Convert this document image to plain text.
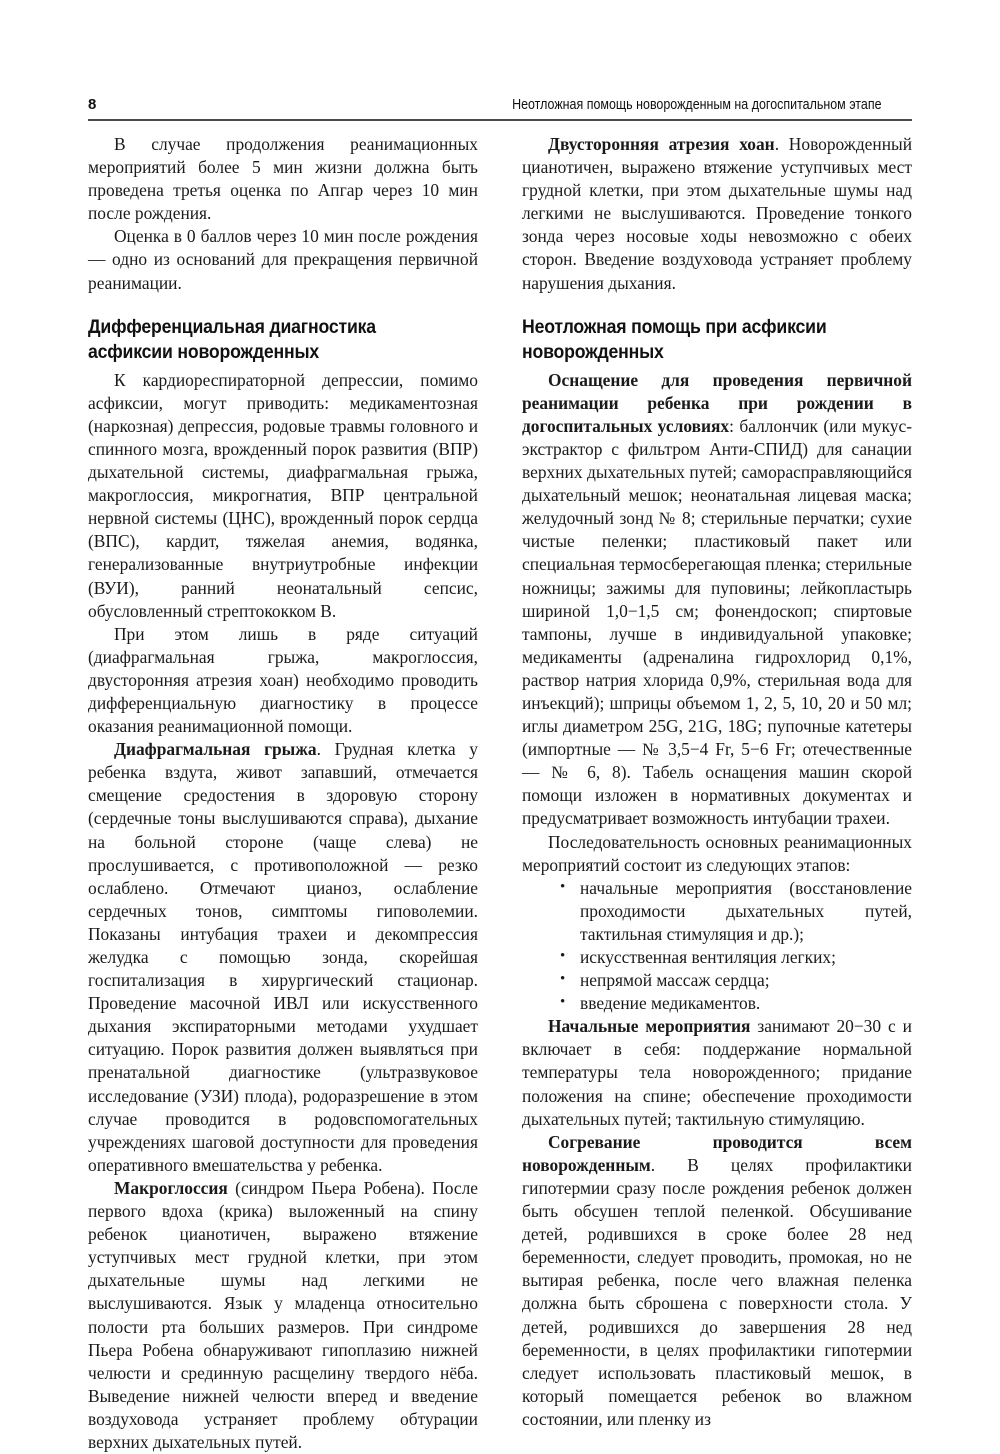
8	Неотложная помощь новорожденным на догоспитальном этапе

В случае продолжения реанимационных мероприятий более 5 мин жизни должна быть проведена третья оценка по Апгар через 10 мин после рождения.

Оценка в 0 баллов через 10 мин после рождения — одно из оснований для прекращения первичной реанимации.

Дифференциальная диагностика асфиксии новорожденных

К кардиореспираторной депрессии, помимо асфиксии, могут приводить: медикаментозная (наркозная) депрессия, родовые травмы головного и спинного мозга, врожденный порок развития (ВПР) дыхательной системы, диафрагмальная грыжа, макроглоссия, микрогнатия, ВПР центральной нервной системы (ЦНС), врожденный порок сердца (ВПС), кардит, тяжелая анемия, водянка, генерализованные внутриутробные инфекции (ВУИ), ранний неонатальный сепсис, обусловленный стрептококком В.

При этом лишь в ряде ситуаций (диафрагмальная грыжа, макроглоссия, двусторонняя атрезия хоан) необходимо проводить дифференциальную диагностику в процессе оказания реанимационной помощи.

Диафрагмальная грыжа. Грудная клетка у ребенка вздута, живот запавший, отмечается смещение средостения в здоровую сторону (сердечные тоны выслушиваются справа), дыхание на больной стороне (чаще слева) не прослушивается, с противоположной — резко ослаблено. Отмечают цианоз, ослабление сердечных тонов, симптомы гиповолемии. Показаны интубация трахеи и декомпрессия желудка с помощью зонда, скорейшая госпитализация в хирургический стационар. Проведение масочной ИВЛ или искусственного дыхания экспираторными методами ухудшает ситуацию. Порок развития должен выявляться при пренатальной диагностике (ультразвуковое исследование (УЗИ) плода), родоразрешение в этом случае проводится в родовспомогательных учреждениях шаговой доступности для проведения оперативного вмешательства у ребенка.

Макроглоссия (синдром Пьера Робена). После первого вдоха (крика) выложенный на спину ребенок цианотичен, выражено втяжение уступчивых мест грудной клетки, при этом дыхательные шумы над легкими не выслушиваются. Язык у младенца относительно полости рта больших размеров. При синдроме Пьера Робена обнаруживают гипоплазию нижней челюсти и срединную расщелину твердого нёба. Выведение нижней челюсти вперед и введение воздуховода устраняет проблему обтурации верхних дыхательных путей.

Двусторонняя атрезия хоан. Новорожденный цианотичен, выражено втяжение уступчивых мест грудной клетки, при этом дыхательные шумы над легкими не выслушиваются. Проведение тонкого зонда через носовые ходы невозможно с обеих сторон. Введение воздуховода устраняет проблему нарушения дыхания.

Неотложная помощь при асфиксии новорожденных

Оснащение для проведения первичной реанимации ребенка при рождении в догоспитальных условиях: баллончик (или мукус-экстрактор с фильтром Анти-СПИД) для санации верхних дыхательных путей; саморасправляющийся дыхательный мешок; неонатальная лицевая маска; желудочный зонд № 8; стерильные перчатки; сухие чистые пеленки; пластиковый пакет или специальная термосберегающая пленка; стерильные ножницы; зажимы для пуповины; лейкопластырь шириной 1,0−1,5 см; фонендоскоп; спиртовые тампоны, лучше в индивидуальной упаковке; медикаменты (адреналина гидрохлорид 0,1%, раствор натрия хлорида 0,9%, стерильная вода для инъекций); шприцы объемом 1, 2, 5, 10, 20 и 50 мл; иглы диаметром 25G, 21G, 18G; пупочные катетеры (импортные — № 3,5−4 Fr, 5−6 Fr; отечественные — № 6, 8). Табель оснащения машин скорой помощи изложен в нормативных документах и предусматривает возможность интубации трахеи.

Последовательность основных реанимационных мероприятий состоит из следующих этапов:

• начальные мероприятия (восстановление проходимости дыхательных путей, тактильная стимуляция и др.);
• искусственная вентиляция легких;
• непрямой массаж сердца;
• введение медикаментов.

Начальные мероприятия занимают 20−30 с и включает в себя: поддержание нормальной температуры тела новорожденного; придание положения на спине; обеспечение проходимости дыхательных путей; тактильную стимуляцию.

Согревание проводится всем новорожденным. В целях профилактики гипотермии сразу после рождения ребенок должен быть обсушен теплой пеленкой. Обсушивание детей, родившихся в сроке более 28 нед беременности, следует проводить, промокая, но не вытирая ребенка, после чего влажная пеленка должна быть сброшена с поверхности стола. У детей, родившихся до завершения 28 нед беременности, в целях профилактики гипотермии следует использовать пластиковый мешок, в который помещается ребенок во влажном состоянии, или пленку из
